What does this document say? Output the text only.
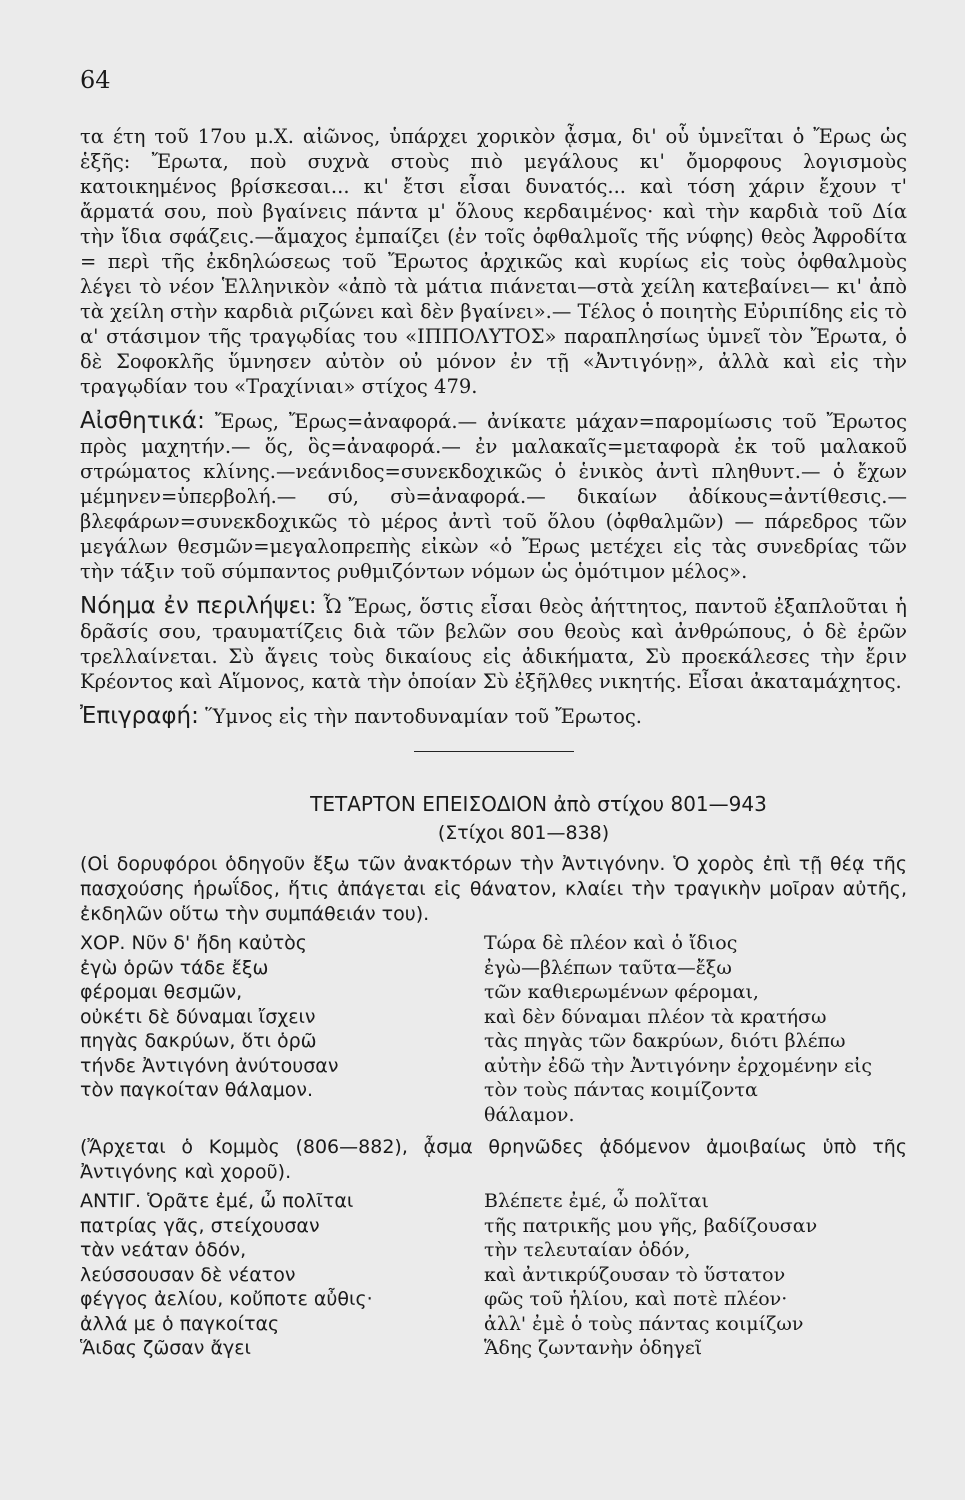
64

τα έτη τοῦ 17ου μ.Χ. αἰῶνος, ὑπάρχει χορικὸν ᾆσμα, δι' οὗ ὑμνεῖται ὁ Ἔρως ὡς ἑξῆς: Ἔρωτα, ποὺ συχνὰ στοὺς πιὸ μεγάλους κι' ὄμορφους λογισμοὺς κατοικημένος βρίσκεσαι... κι' ἔτσι εἶσαι δυνατός... καὶ τόση χάριν ἔχουν τ' ἄρματά σου, ποὺ βγαίνεις πάντα μ' ὅλους κερδαιμένος· καὶ τὴν καρδιὰ τοῦ Δία τὴν ἴδια σφάζεις.—ἄμαχος ἐμπαίζει (ἐν τοῖς ὀφθαλμοῖς τῆς νύφης) θεὸς Ἀφροδίτα = περὶ τῆς ἐκδηλώσεως τοῦ Ἔρωτος ἀρχικῶς καὶ κυρίως εἰς τοὺς ὀφθαλμοὺς λέγει τὸ νέον Ἑλληνικὸν «ἀπὸ τὰ μάτια πιάνεται—στὰ χείλη κατεβαίνει— κι' ἀπὸ τὰ χείλη στὴν καρδιὰ ριζώνει καὶ δὲν βγαίνει».— Τέλος ὁ ποιητὴς Εὐριπίδης εἰς τὸ α' στάσιμον τῆς τραγῳδίας του «ΙΠΠΟΛΥΤΟΣ» παραπλησίως ὑμνεῖ τὸν Ἔρωτα, ὁ δὲ Σοφοκλῆς ὕμνησεν αὐτὸν οὐ μόνον ἐν τῇ «Ἀντιγόνῃ», ἀλλὰ καὶ εἰς τὴν τραγῳδίαν του «Τραχίνιαι» στίχος 479.

Αἰσθητικά: Ἔρως, Ἔρως=ἀναφορά.— ἀνίκατε μάχαν=παρομίωσις τοῦ Ἔρωτος πρὸς μαχητήν.— ὅς, ὃς=ἀναφορά.— ἐν μαλακαῖς=μεταφορὰ ἐκ τοῦ μαλακοῦ στρώματος κλίνης.—νεάνιδος=συνεκδοχικῶς ὁ ἑνικὸς ἀντὶ πληθυντ.— ὁ ἔχων μέμηνεν=ὑπερβολή.— σύ, σὺ=ἀναφορά.— δικαίων ἀδίκους=ἀντίθεσις.—βλεφάρων=συνεκδοχικῶς τὸ μέρος ἀντὶ τοῦ ὅλου (ὀφθαλμῶν) — πάρεδρος τῶν μεγάλων θεσμῶν=μεγαλοπρεπὴς εἰκὼν «ὁ Ἔρως μετέχει εἰς τὰς συνεδρίας τῶν τὴν τάξιν τοῦ σύμπαντος ρυθμιζόντων νόμων ὡς ὁμότιμον μέλος».

Νόημα ἐν περιλήψει: Ὦ Ἔρως, ὅστις εἶσαι θεὸς ἀήττητος, παντοῦ ἐξαπλοῦται ἡ δρᾶσίς σου, τραυματίζεις διὰ τῶν βελῶν σου θεοὺς καὶ ἀνθρώπους, ὁ δὲ ἐρῶν τρελλαίνεται. Σὺ ἄγεις τοὺς δικαίους εἰς ἀδικήματα, Σὺ προεκάλεσες τὴν ἔριν Κρέοντος καὶ Αἵμονος, κατὰ τὴν ὁποίαν Σὺ ἐξῆλθες νικητής. Εἶσαι ἀκαταμάχητος.

Ἐπιγραφή: Ὕμνος εἰς τὴν παντοδυναμίαν τοῦ Ἔρωτος.

ΤΕΤΑΡΤΟΝ ΕΠΕΙΣΟΔΙΟΝ ἀπὸ στίχου 801—943
(Στίχοι 801—838)
(Οἱ δορυφόροι ὁδηγοῦν ἔξω τῶν ἀνακτόρων τὴν Ἀντιγόνην. Ὁ χορὸς ἐπὶ τῇ θέᾳ τῆς πασχούσης ἡρωΐδος, ἥτις ἀπάγεται εἰς θάνατον, κλαίει τὴν τραγικὴν μοῖραν αὐτῆς, ἐκδηλῶν οὕτω τὴν συμπάθειάν του).
ΧΟΡ. Νῦν δ' ἤδη καὐτὸς
ἐγὼ ὁρῶν τάδε ἔξω
φέρομαι θεσμῶν,
οὐκέτι δὲ δύναμαι ἴσχειν
πηγὰς δακρύων, ὅτι ὁρῶ
τήνδε Ἀντιγόνη ἀνύτουσαν
τὸν παγκοίταν θάλαμον.
Τώρα δὲ πλέον καὶ ὁ ἴδιος
ἐγὼ—βλέπων ταῦτα—ἔξω
τῶν καθιερωμένων φέρομαι,
καὶ δὲν δύναμαι πλέον τὰ κρατήσω
τὰς πηγὰς τῶν δακρύων, διότι βλέπω
αὐτὴν ἐδῶ τὴν Ἀντιγόνην ἐρχομένην εἰς τὸν τοὺς πάντας κοιμίζοντα
θάλαμον.
(Ἄρχεται ὁ Κομμὸς (806—882), ᾆσμα θρηνῶδες ᾀδόμενον ἀμοιβαίως ὑπὸ τῆς Ἀντιγόνης καὶ χοροῦ).
ΑΝΤΙΓ. Ὁρᾶτε ἐμέ, ὦ πολῖται
πατρίας γᾶς, στείχουσαν
τὰν νεάταν ὁδόν,
λεύσσουσαν δὲ νέατον
φέγγος ἀελίου, κοὔποτε αὖθις·
ἀλλά με ὁ παγκοίτας
Ἅιδας ζῶσαν ἄγει
Βλέπετε ἐμέ, ὦ πολῖται
τῆς πατρικῆς μου γῆς, βαδίζουσαν
τὴν τελευταίαν ὁδόν,
καὶ ἀντικρύζουσαν τὸ ὕστατον
φῶς τοῦ ἡλίου, καὶ ποτὲ πλέον·
ἀλλ' ἐμὲ ὁ τοὺς πάντας κοιμίζων
Ἅδης ζωντανὴν ὁδηγεῖ
